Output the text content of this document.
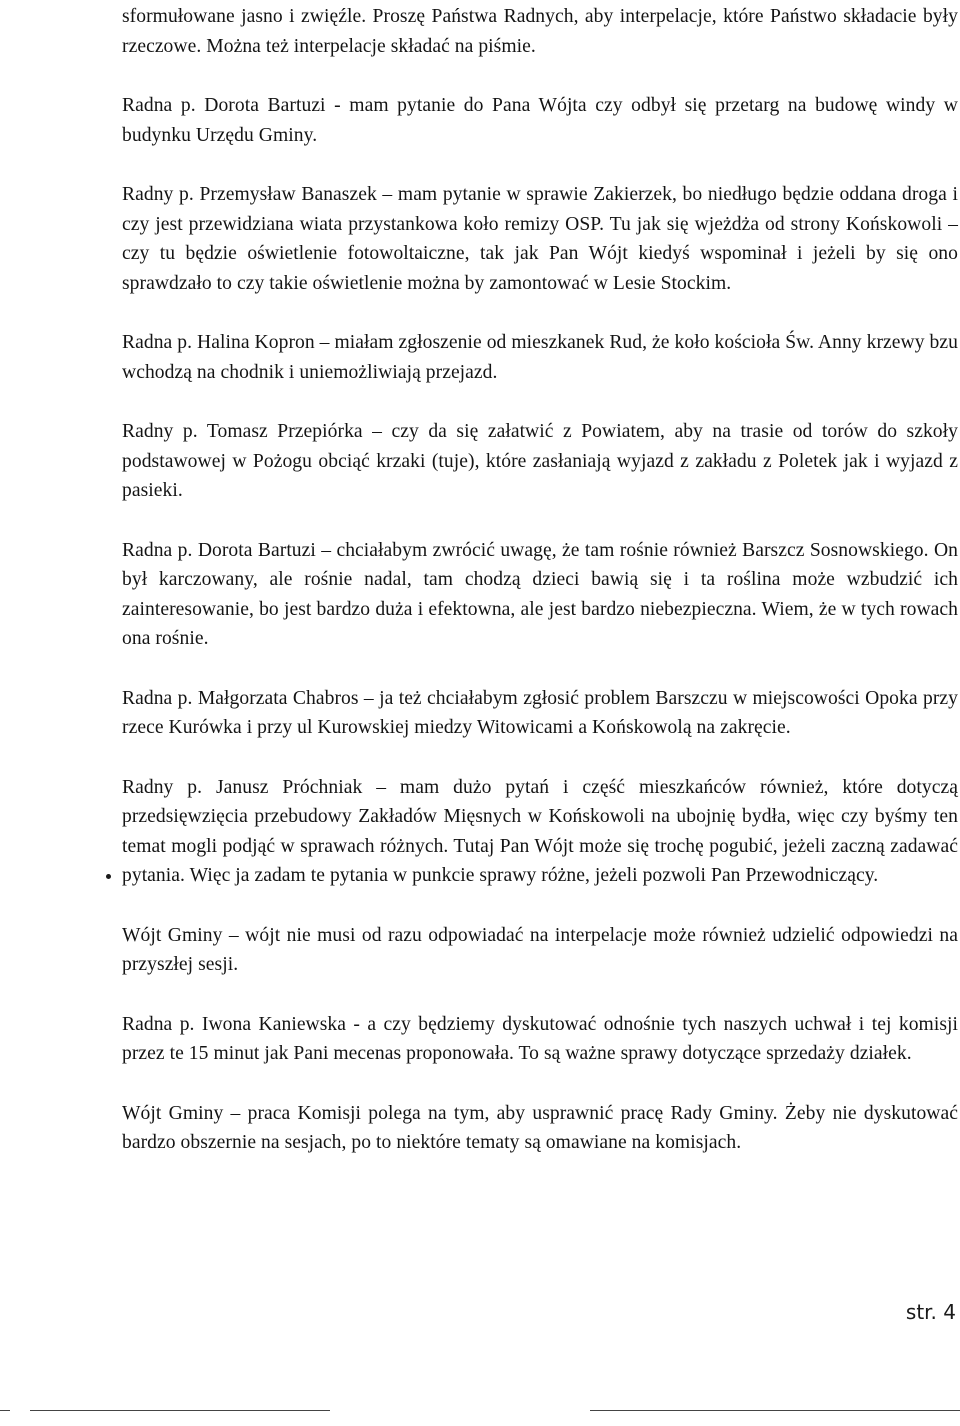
sformułowane jasno i zwięźle. Proszę Państwa Radnych, aby interpelacje, które Państwo składacie były rzeczowe. Można też interpelacje składać na piśmie.

Radna p. Dorota Bartuzi - mam pytanie do Pana Wójta czy odbył się przetarg na budowę windy w budynku Urzędu Gminy.

Radny p. Przemysław Banaszek – mam pytanie w sprawie Zakierzek, bo niedługo będzie oddana droga i czy jest przewidziana wiata przystankowa koło remizy OSP. Tu jak się wjeżdża od strony Końskowoli – czy tu będzie oświetlenie fotowoltaiczne, tak jak Pan Wójt kiedyś wspominał i jeżeli by się ono sprawdzało to czy takie oświetlenie można by zamontować w Lesie Stockim.

Radna p. Halina Kopron – miałam zgłoszenie od mieszkanek Rud, że koło kościoła Św. Anny krzewy bzu wchodzą na chodnik i uniemożliwiają przejazd.

Radny p. Tomasz Przepiórka – czy da się załatwić z Powiatem, aby na trasie od torów do szkoły podstawowej w Pożogu obciąć krzaki (tuje), które zasłaniają wyjazd z zakładu z Poletek jak i wyjazd z pasieki.

Radna p. Dorota Bartuzi – chciałabym zwrócić uwagę, że tam rośnie również Barszcz Sosnowskiego. On był karczowany, ale rośnie nadal, tam chodzą dzieci bawią się i ta roślina może wzbudzić ich zainteresowanie, bo jest bardzo duża i efektowna, ale jest bardzo niebezpieczna. Wiem, że w tych rowach ona rośnie.

Radna p. Małgorzata Chabros – ja też chciałabym zgłosić problem Barszczu w miejscowości Opoka przy rzece Kurówka i przy ul Kurowskiej miedzy Witowicami a Końskowolą na zakręcie.

Radny p. Janusz Próchniak – mam dużo pytań i część mieszkańców również, które dotyczą przedsięwzięcia przebudowy Zakładów Mięsnych w Końskowoli na ubojnię bydła, więc czy byśmy ten temat mogli podjąć w sprawach różnych. Tutaj Pan Wójt może się trochę pogubić, jeżeli zaczną zadawać pytania. Więc ja zadam te pytania w punkcie sprawy różne, jeżeli pozwoli Pan Przewodniczący.

Wójt Gminy – wójt nie musi od razu odpowiadać na interpelacje może również udzielić odpowiedzi na przyszłej sesji.

Radna p. Iwona Kaniewska - a czy będziemy dyskutować odnośnie tych naszych uchwał i tej komisji przez te 15 minut jak Pani mecenas proponowała. To są ważne sprawy dotyczące sprzedaży działek.

Wójt Gminy – praca Komisji polega na tym, aby usprawnić pracę Rady Gminy. Żeby nie dyskutować bardzo obszernie na sesjach, po to niektóre tematy są omawiane na komisjach.

str. 4
